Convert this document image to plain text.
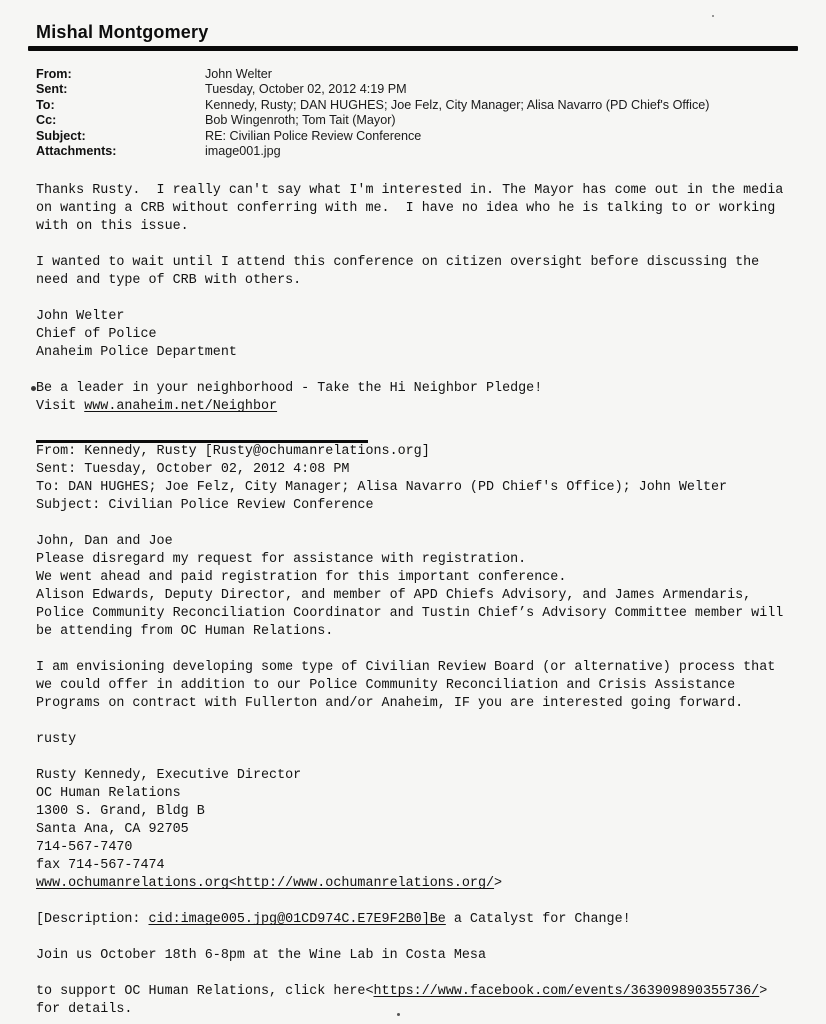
Mishal Montgomery
From:	John Welter
Sent:	Tuesday, October 02, 2012 4:19 PM
To:	Kennedy, Rusty; DAN HUGHES; Joe Felz, City Manager; Alisa Navarro (PD Chief's Office)
Cc:	Bob Wingenroth; Tom Tait (Mayor)
Subject:	RE: Civilian Police Review Conference
Attachments:	image001.jpg
Thanks Rusty.  I really can't say what I'm interested in. The Mayor has come out in the media
on wanting a CRB without conferring with me.  I have no idea who he is talking to or working
with on this issue.
I wanted to wait until I attend this conference on citizen oversight before discussing the
need and type of CRB with others.
John Welter
Chief of Police
Anaheim Police Department
Be a leader in your neighborhood - Take the Hi Neighbor Pledge!
Visit www.anaheim.net/Neighbor
From: Kennedy, Rusty [Rusty@ochumanrelations.org]
Sent: Tuesday, October 02, 2012 4:08 PM
To: DAN HUGHES; Joe Felz, City Manager; Alisa Navarro (PD Chief's Office); John Welter
Subject: Civilian Police Review Conference
John, Dan and Joe
Please disregard my request for assistance with registration.
We went ahead and paid registration for this important conference.
Alison Edwards, Deputy Director, and member of APD Chiefs Advisory, and James Armendaris,
Police Community Reconciliation Coordinator and Tustin Chief’s Advisory Committee member will
be attending from OC Human Relations.
I am envisioning developing some type of Civilian Review Board (or alternative) process that
we could offer in addition to our Police Community Reconciliation and Crisis Assistance
Programs on contract with Fullerton and/or Anaheim, IF you are interested going forward.
rusty
Rusty Kennedy, Executive Director
OC Human Relations
1300 S. Grand, Bldg B
Santa Ana, CA 92705
714-567-7470
fax 714-567-7474
www.ochumanrelations.org<http://www.ochumanrelations.org/>
[Description: cid:image005.jpg@01CD974C.E7E9F2B0]Be a Catalyst for Change!
Join us October 18th 6-8pm at the Wine Lab in Costa Mesa
to support OC Human Relations, click here<https://www.facebook.com/events/363909890355736/>
for details.
